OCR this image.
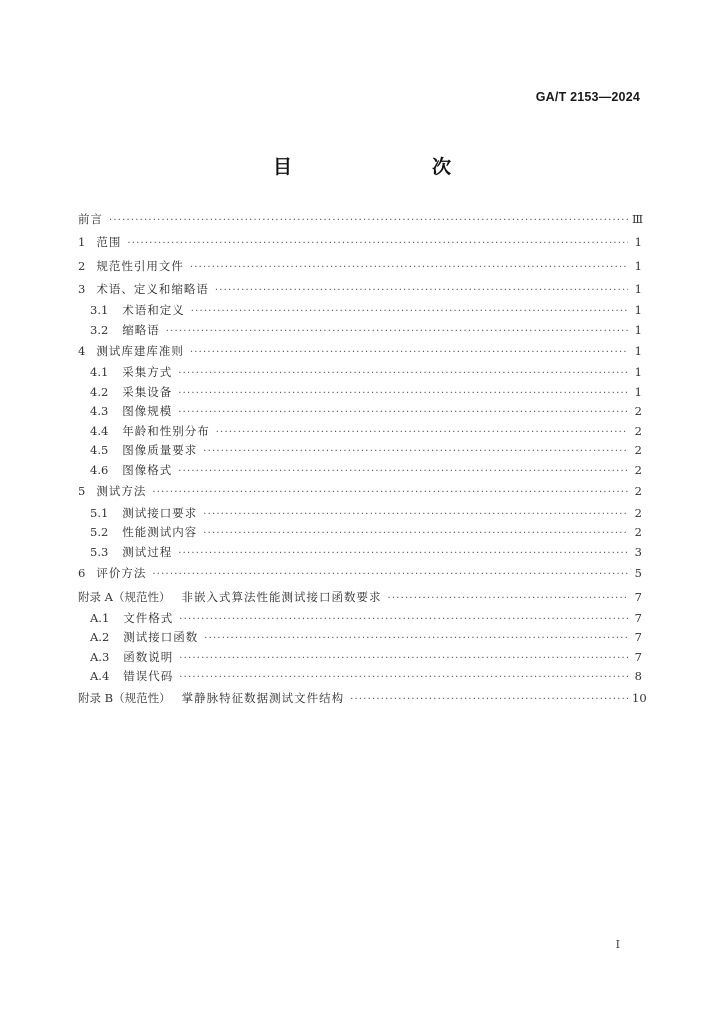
GA/T 2153—2024
目　　次
前言 ·····	Ⅲ
1 范围 ·····	1
2 规范性引用文件 ·····	1
3 术语、定义和缩略语 ·····	1
3.1 术语和定义 ·····	1
3.2 缩略语 ·····	1
4 测试库建库准则 ·····	1
4.1 采集方式 ·····	1
4.2 采集设备 ·····	1
4.3 图像规模 ·····	2
4.4 年龄和性别分布 ·····	2
4.5 图像质量要求 ·····	2
4.6 图像格式 ·····	2
5 测试方法 ·····	2
5.1 测试接口要求 ·····	2
5.2 性能测试内容 ·····	2
5.3 测试过程 ·····	3
6 评价方法 ·····	5
附录 A（规范性） 非嵌入式算法性能测试接口函数要求 ·····	7
A.1 文件格式 ·····	7
A.2 测试接口函数 ·····	7
A.3 函数说明 ·····	7
A.4 错误代码 ·····	8
附录 B（规范性） 掌静脉特征数据测试文件结构 ·····	10
Ⅰ
